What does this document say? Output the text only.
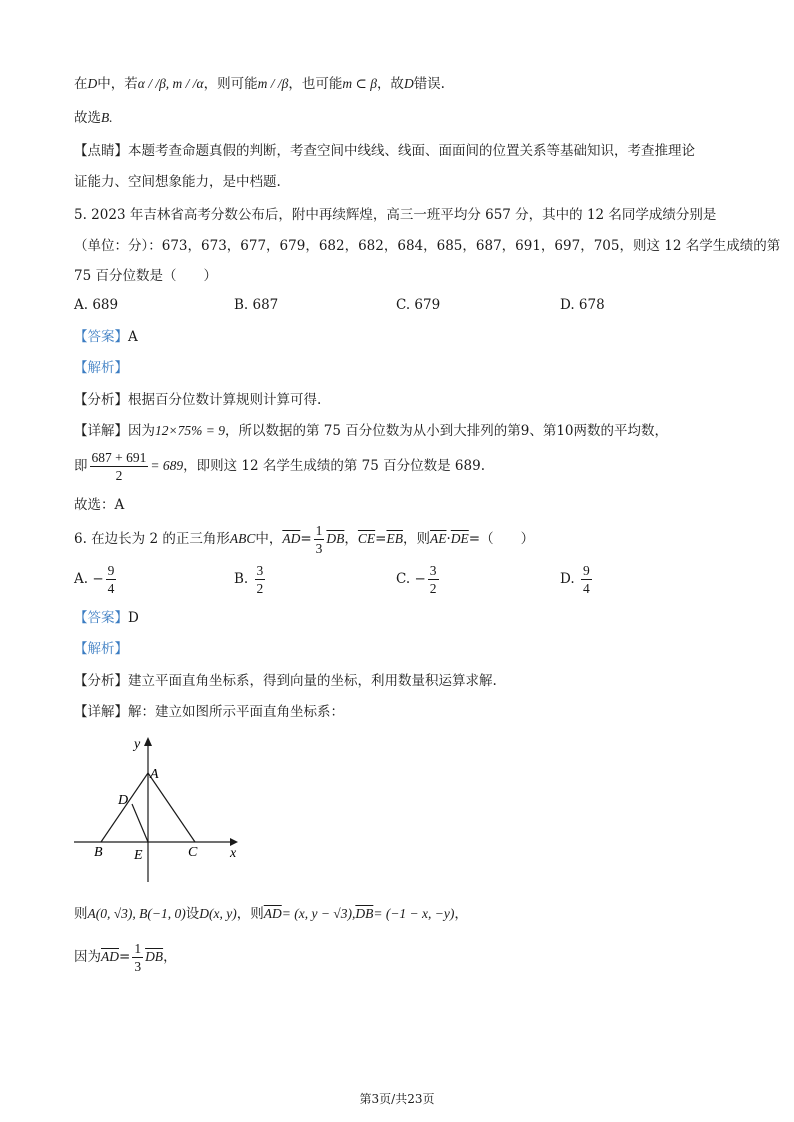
在D中，若α / /β, m / /α，则可能m / /β，也可能m ⊂ β，故D错误.
故选B.
【点睛】本题考查命题真假的判断，考查空间中线线、线面、面面间的位置关系等基础知识，考查推理论
证能力、空间想象能力，是中档题.
5. 2023 年吉林省高考分数公布后，附中再续辉煌，高三一班平均分 657 分，其中的 12 名同学成绩分别是
（单位：分）：673，673，677，679，682，682，684，685，687，691，697，705，则这 12 名学生成绩的第
75 百分位数是（　　）
A. 689	B. 687	C. 679	D. 678
【答案】A
【解析】
【分析】根据百分位数计算规则计算可得.
【详解】因为12×75% = 9，所以数据的第 75 百分位数为从小到大排列的第9、第10两数的平均数，
即 $\frac{687 + 691}{2} = 689$，即则这 12 名学生成绩的第 75 百分位数是 689.
故选：A
6. 在边长为 2 的正三角形ABC中，$\overline{AD}= \frac{1}{3} \overline{DB}$，$\overline{CE}=\overline{EB}$，则$\overline{AE}\cdot\overline{DE}=$（　　）
A. − $\frac{9}{4}$	B. $\frac{3}{2}$	C. − $\frac{3}{2}$	D. $\frac{9}{4}$
【答案】D
【解析】
【分析】建立平面直角坐标系，得到向量的坐标，利用数量积运算求解.
【详解】解：建立如图所示平面直角坐标系：
y
x
A
D
B E	C
则A(0, √3), B(−1, 0)设D(x, y)，则$\overline{AD}= (x$, $y - √3),\overline{DB}= (-1 - x$, −y)，
因为$\overline{AD}= \frac{1}{3} \overline{DB}$，
第3页/共23页
